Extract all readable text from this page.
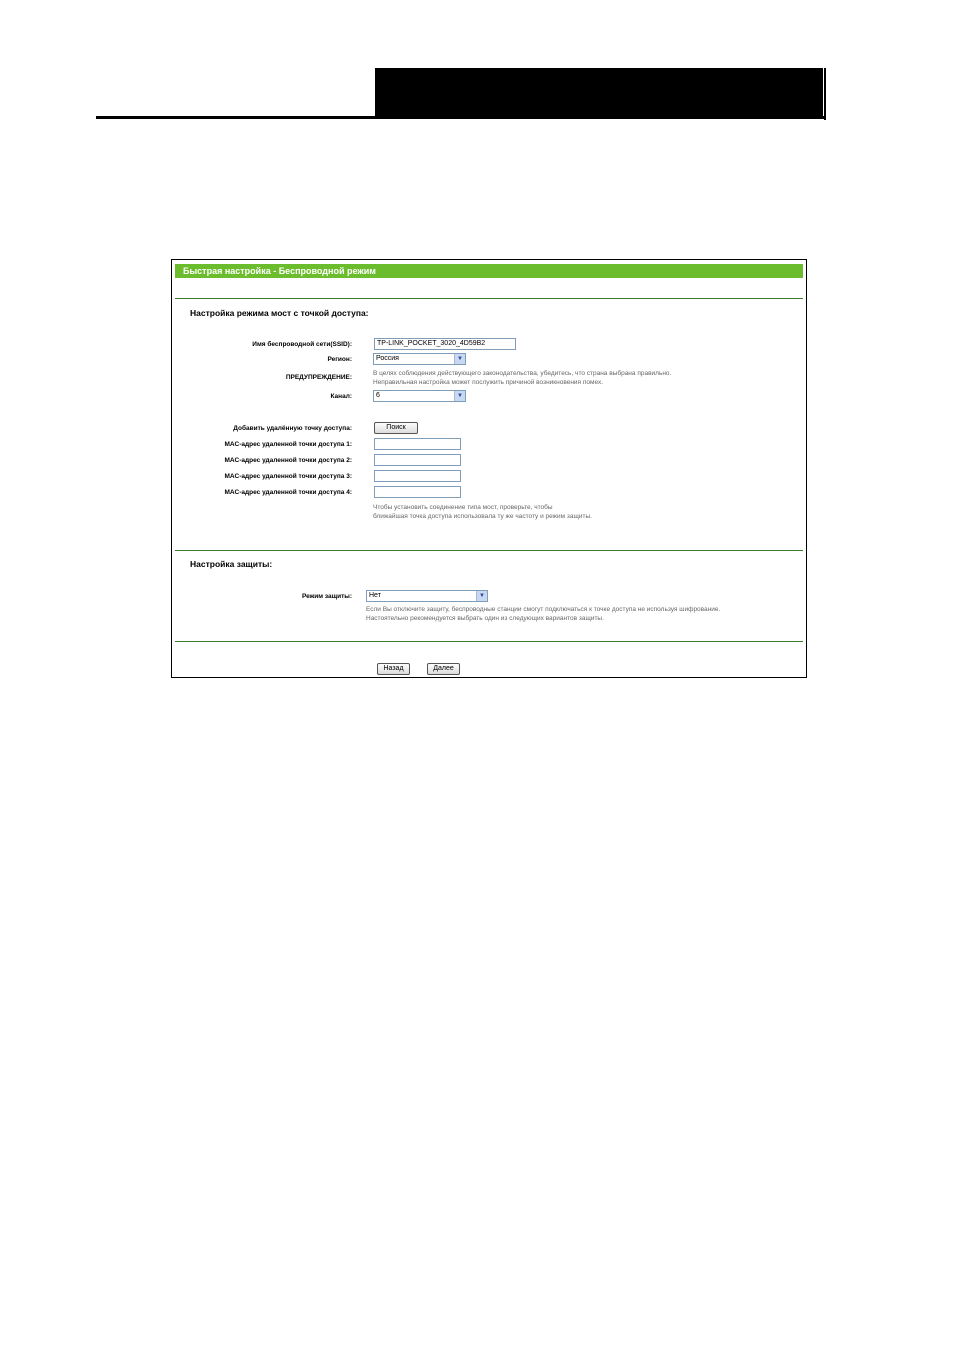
Быстрая настройка - Беспроводной режим
Настройка режима мост с точкой доступа:
Имя беспроводной сети(SSID):	TP-LINK_POCKET_3020_4D59B2
Регион:	Россия	▼
ПРЕДУПРЕЖДЕНИЕ:
В целях соблюдения действующего законодательства, убедитесь, что страна выбрана правильно.
Неправильная настройка может послужить причиной возникновения помех.
Канал:	6	▼
Добавить удалённую точку доступа:	Поиск
MAC-адрес удаленной точки доступа 1:
MAC-адрес удаленной точки доступа 2:
MAC-адрес удаленной точки доступа 3:
MAC-адрес удаленной точки доступа 4:
Чтобы установить соединение типа мост, проверьте, чтобы
ближайшая точка доступа использовала ту же частоту и режим защиты.
Настройка защиты:
Режим защиты:	Нет	▼
Если Вы отключите защиту, беспроводные станции смогут подключаться к точке доступа не используя шифрование.
Настоятельно рекомендуется выбрать один из следующих вариантов защиты.
Назад	Далее
